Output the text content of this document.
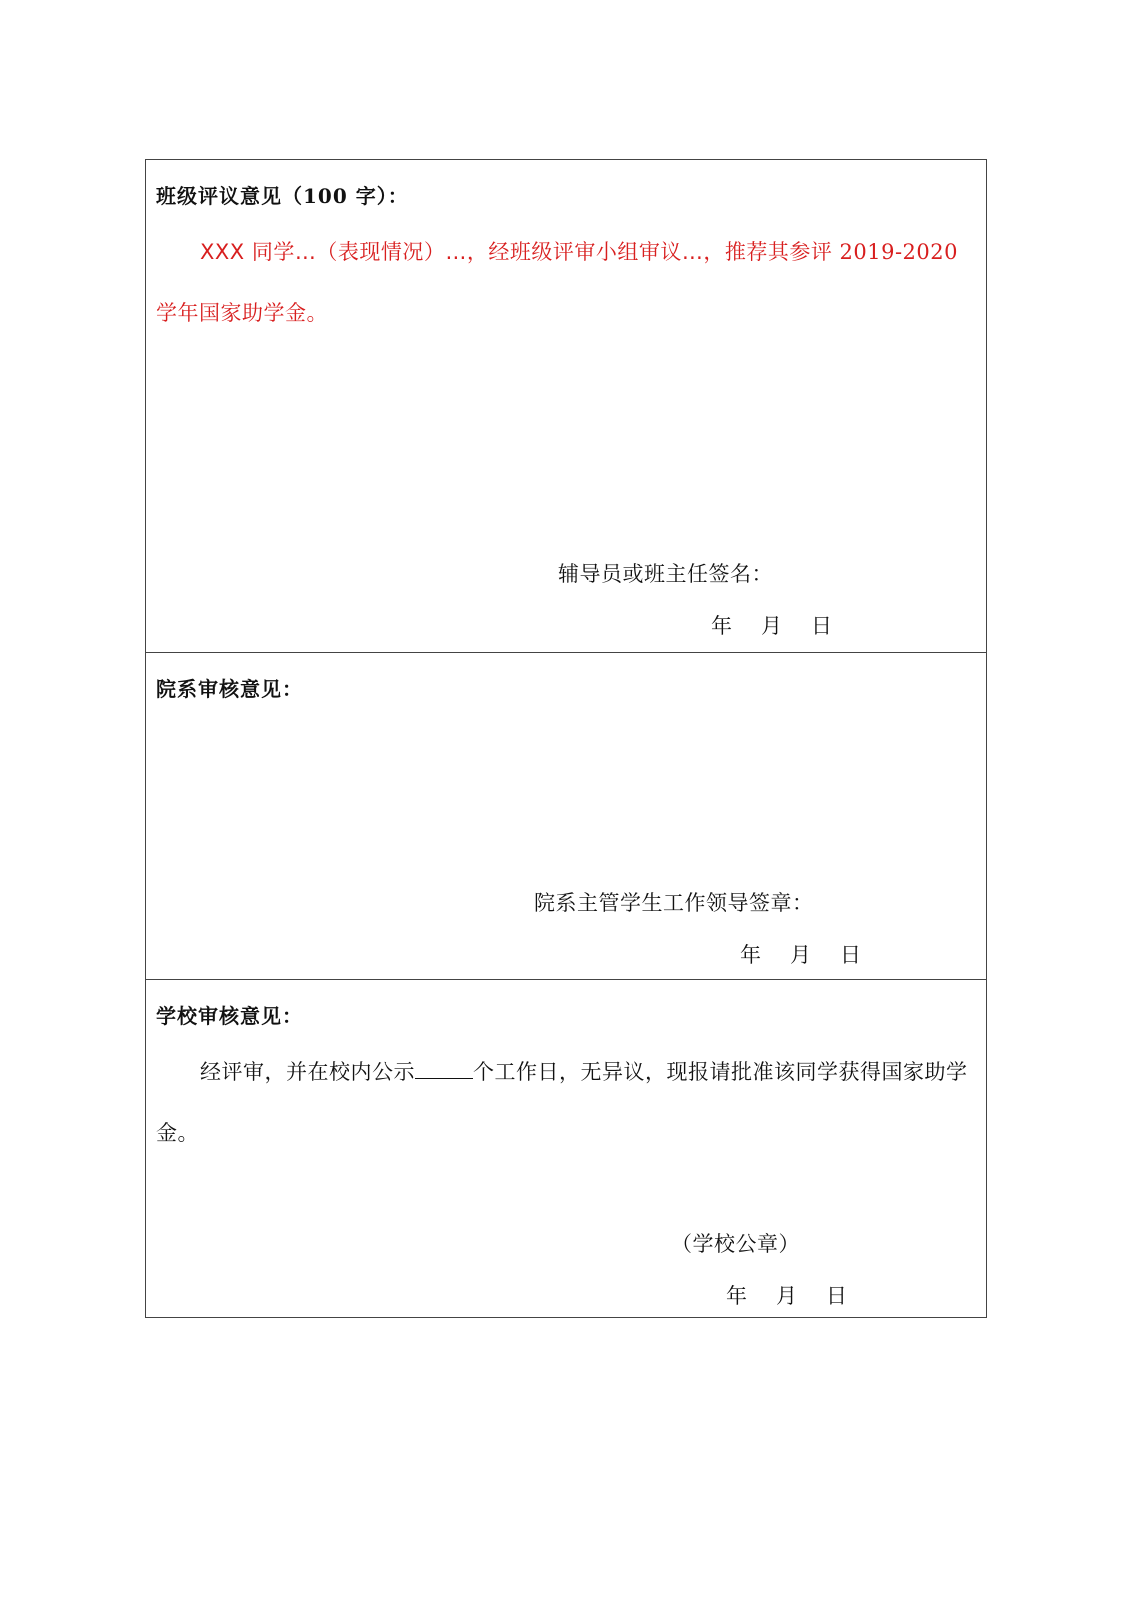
班级评议意见（100 字）：
XXX 同学…（表现情况）…，经班级评审小组审议…，推荐其参评 2019-2020 学年国家助学金。
辅导员或班主任签名：
年 月 日
院系审核意见：
院系主管学生工作领导签章：
年 月 日
学校审核意见：
经评审，并在校内公示	个工作日，无异议，现报请批准该同学获得国家助学金。
（学校公章）
年 月 日
